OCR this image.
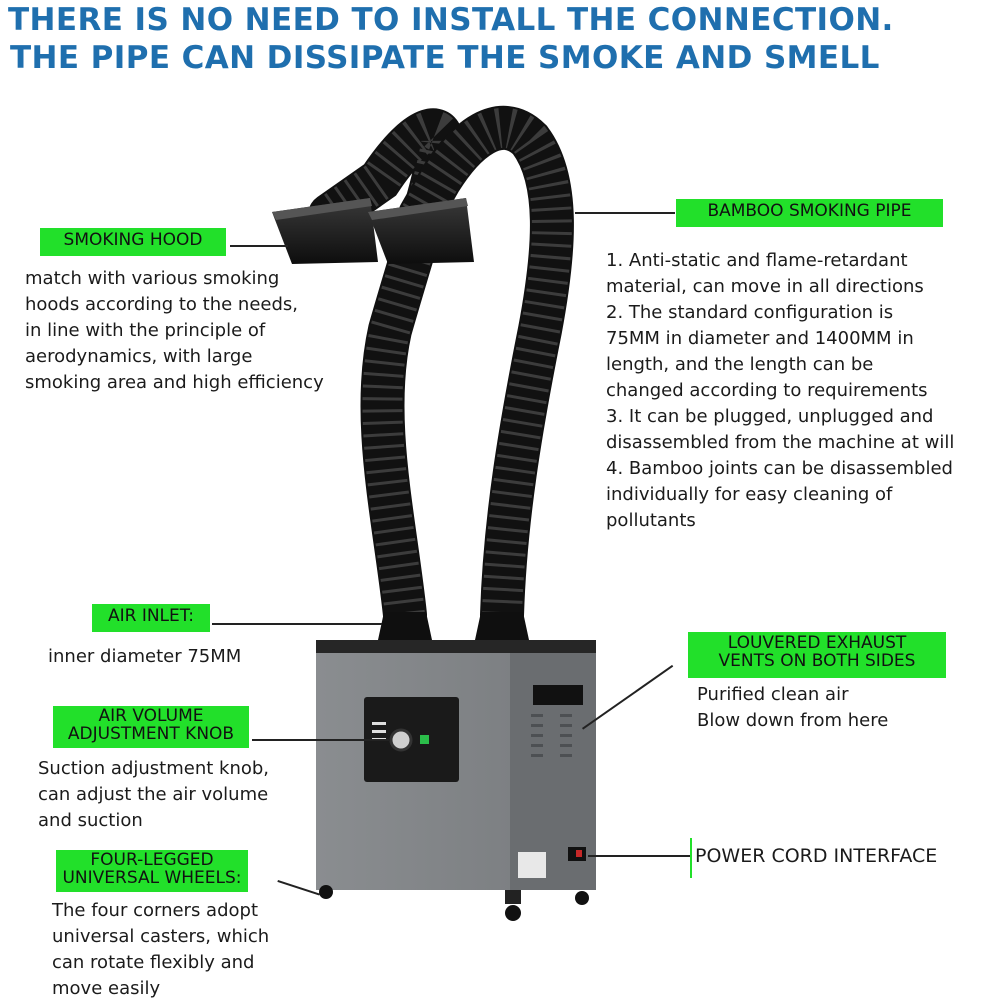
THERE IS NO NEED TO INSTALL THE CONNECTION.
THE PIPE CAN DISSIPATE THE SMOKE AND SMELL
SMOKING HOOD
match with various smoking
hoods according to the needs,
in line with the principle of
aerodynamics, with large
smoking area and high efficiency
BAMBOO SMOKING PIPE
1. Anti-static and flame-retardant
material, can move in all directions
2. The standard configuration is
75MM in diameter and 1400MM in
length, and the length can be
changed according to requirements
3. It can be plugged, unplugged and
disassembled from the machine at will
4. Bamboo joints can be disassembled
individually for easy cleaning of
pollutants
AIR INLET:
inner diameter 75MM
LOUVERED EXHAUST
VENTS ON BOTH SIDES
Purified clean air
Blow down from here
AIR VOLUME
ADJUSTMENT KNOB
Suction adjustment knob,
can adjust the air volume
and suction
POWER CORD INTERFACE
FOUR-LEGGED
UNIVERSAL WHEELS:
The four corners adopt
universal casters, which
can rotate flexibly and
move easily
